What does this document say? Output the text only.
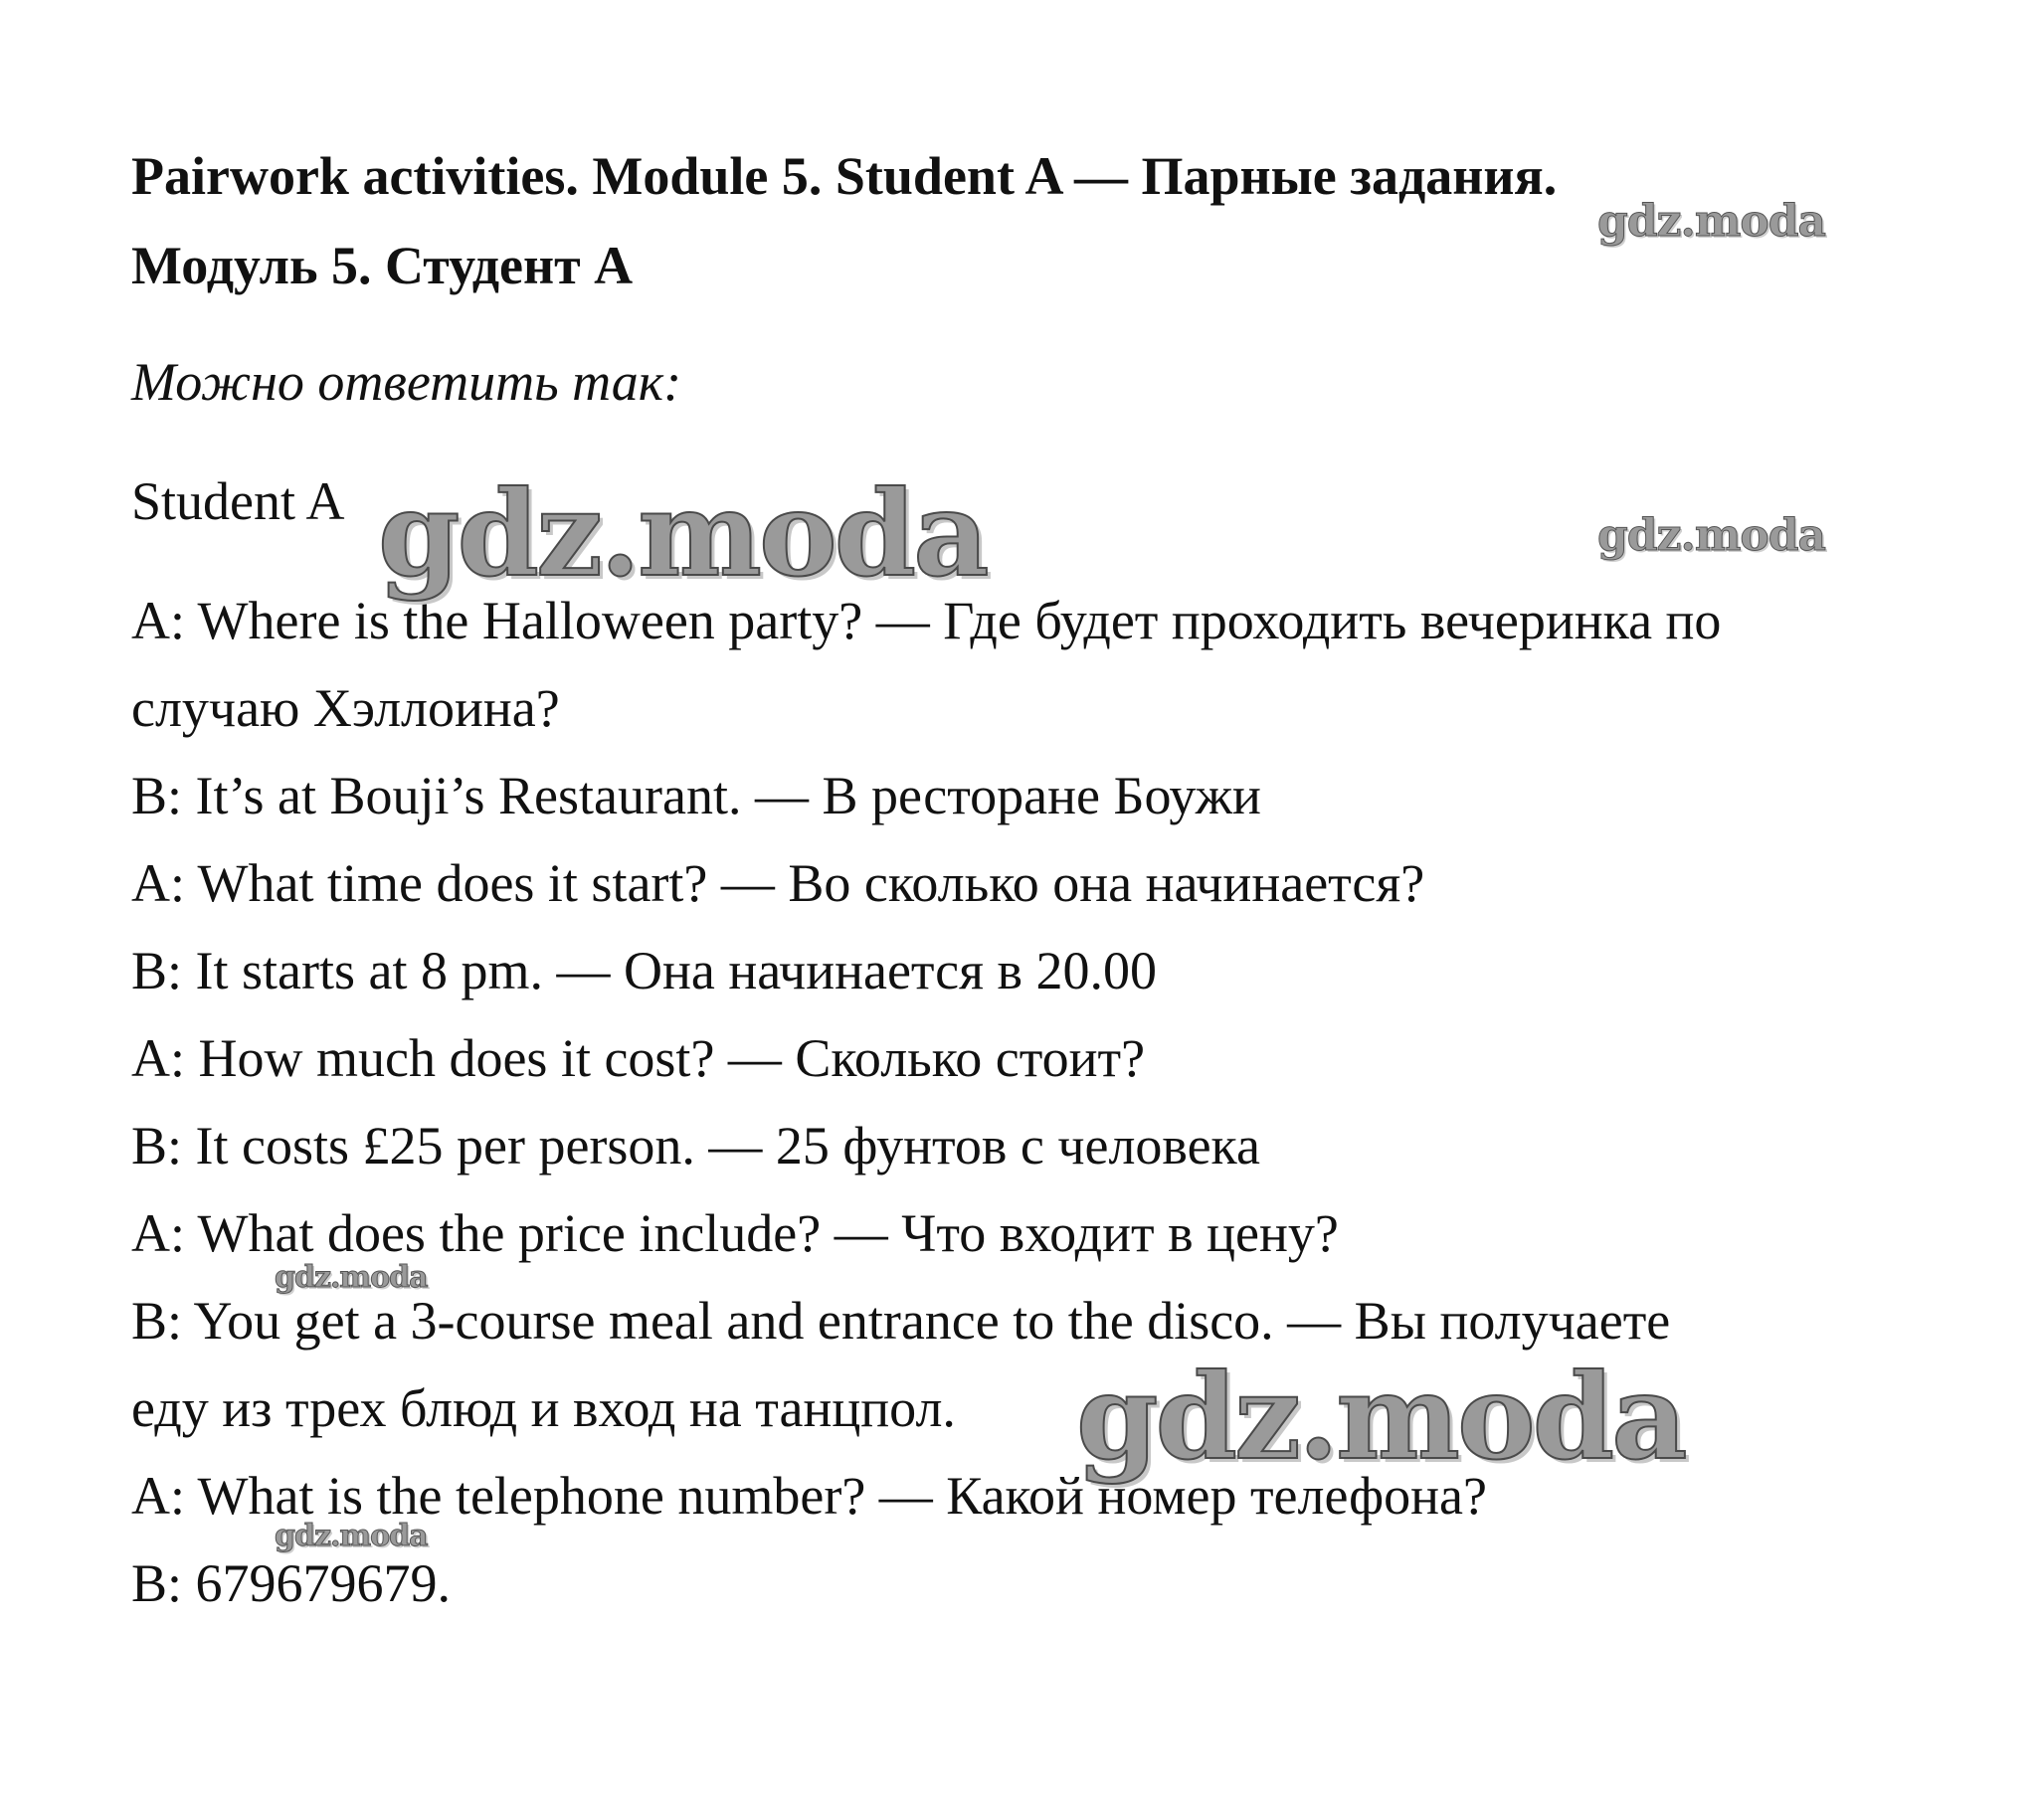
Pairwork activities. Module 5. Student A — Парные задания.
Модуль 5. Студент А
Можно ответить так:
Student A
A: Where is the Halloween party? — Где будет проходить вечеринка по
случаю Хэллоина?
B: It’s at Bouji’s Restaurant. — В ресторане Боужи
A: What time does it start? — Во сколько она начинается?
B: It starts at 8 pm. — Она начинается в 20.00
A: How much does it cost? — Сколько стоит?
B: It costs £25 per person. — 25 фунтов с человека
A: What does the price include? — Что входит в цену?
B: You get a 3-course meal and entrance to the disco. — Вы получаете
еду из трех блюд и вход на танцпол.
A: What is the telephone number? — Какой номер телефона?
B: 679679679.
gdz.moda
gdz.moda	gdz.moda
gdz.moda
gdz.moda
gdz.moda
